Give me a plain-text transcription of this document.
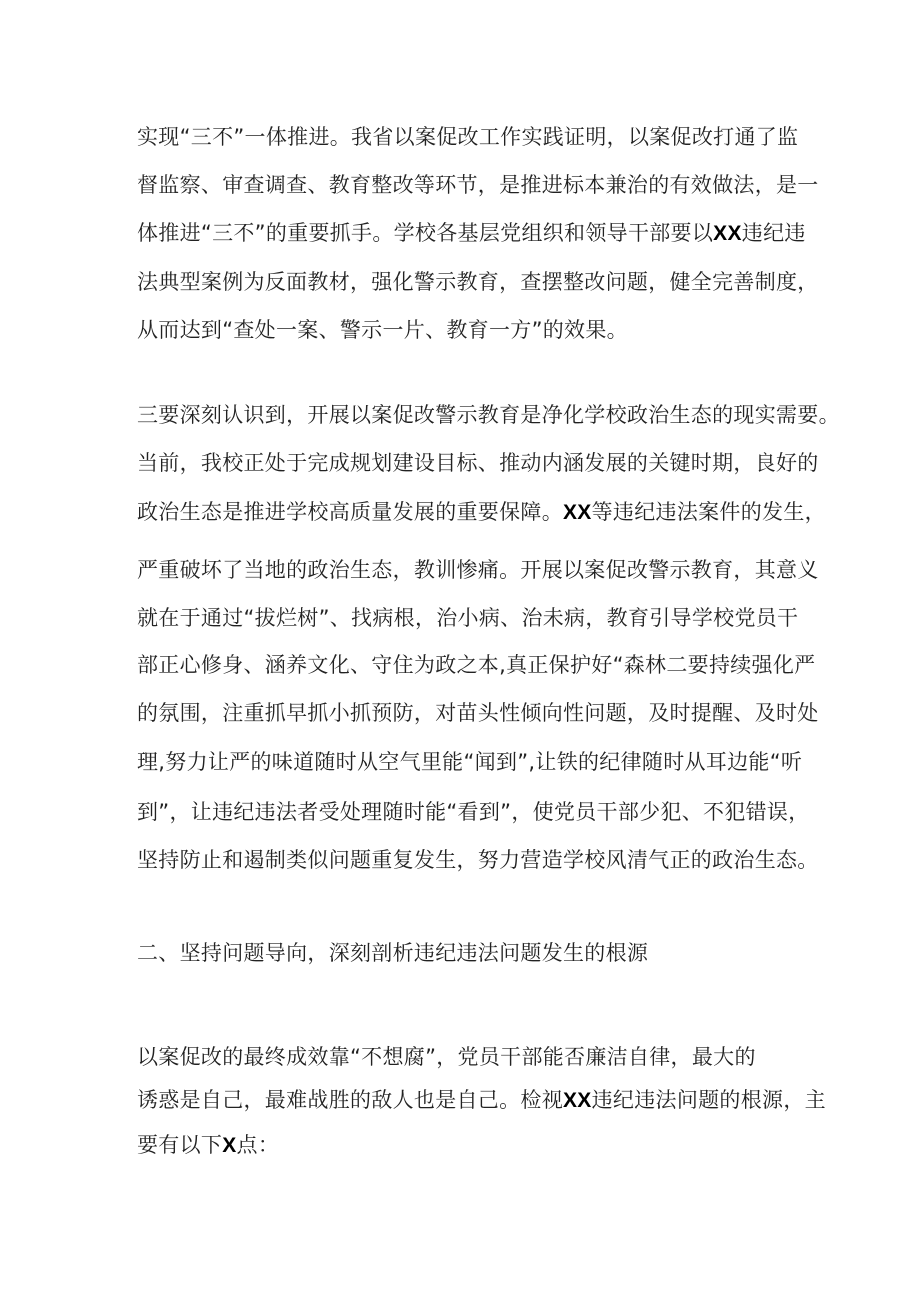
实现“三不”一体推进。我省以案促改工作实践证明，以案促改打通了监
督监察、审查调查、教育整改等环节，是推进标本兼治的有效做法，是一
体推进“三不”的重要抓手。学校各基层党组织和领导干部要以XX违纪违
法典型案例为反面教材，强化警示教育，查摆整改问题，健全完善制度，
从而达到“查处一案、警示一片、教育一方”的效果。
三要深刻认识到，开展以案促改警示教育是净化学校政治生态的现实需要。
当前，我校正处于完成规划建设目标、推动内涵发展的关键时期，良好的
政治生态是推进学校高质量发展的重要保障。XX等违纪违法案件的发生，
严重破坏了当地的政治生态，教训惨痛。开展以案促改警示教育，其意义
就在于通过“拔烂树”、找病根，治小病、治未病，教育引导学校党员干
部正心修身、涵养文化、守住为政之本,真正保护好“森林二要持续强化严
的氛围，注重抓早抓小抓预防，对苗头性倾向性问题，及时提醒、及时处
理,努力让严的味道随时从空气里能“闻到”,让铁的纪律随时从耳边能“听
到”，让违纪违法者受处理随时能“看到”，使党员干部少犯、不犯错误，
坚持防止和遏制类似问题重复发生，努力营造学校风清气正的政治生态。
二、坚持问题导向，深刻剖析违纪违法问题发生的根源
以案促改的最终成效靠“不想腐”，党员干部能否廉洁自律，最大的
诱惑是自己，最难战胜的敌人也是自己。检视XX违纪违法问题的根源，主
要有以下X点：
